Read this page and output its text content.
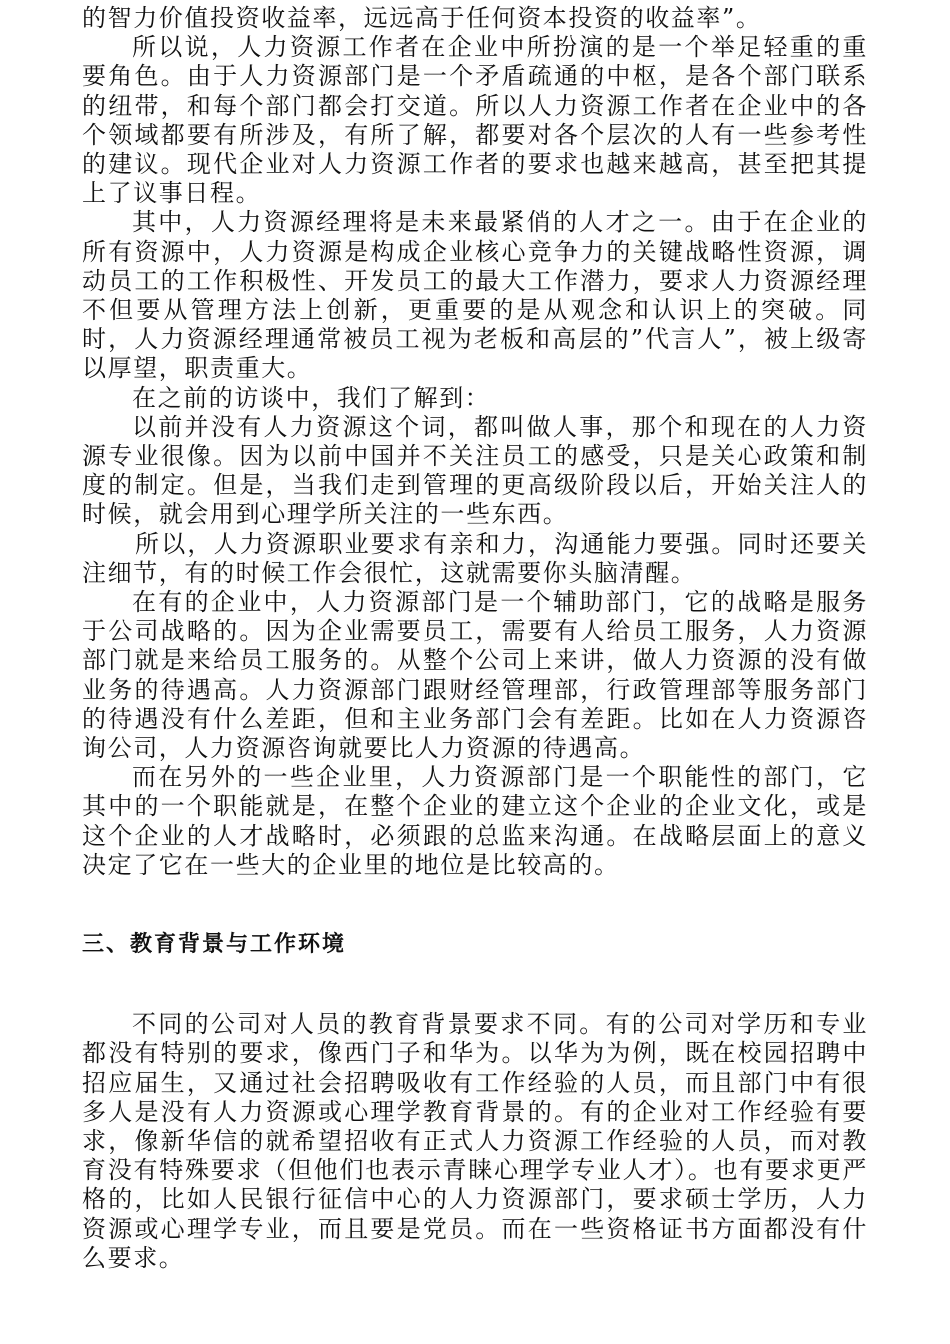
的智力价值投资收益率，远远高于任何资本投资的收益率”。

所以说，人力资源工作者在企业中所扮演的是一个举足轻重的重要角色。由于人力资源部门是一个矛盾疏通的中枢，是各个部门联系的纽带，和每个部门都会打交道。所以人力资源工作者在企业中的各个领域都要有所涉及，有所了解，都要对各个层次的人有一些参考性的建议。现代企业对人力资源工作者的要求也越来越高，甚至把其提上了议事日程。

其中，人力资源经理将是未来最紧俏的人才之一。由于在企业的所有资源中，人力资源是构成企业核心竞争力的关键战略性资源，调动员工的工作积极性、开发员工的最大工作潜力，要求人力资源经理不但要从管理方法上创新，更重要的是从观念和认识上的突破。同时，人力资源经理通常被员工视为老板和高层的”代言人”，被上级寄以厚望，职责重大。

在之前的访谈中，我们了解到：

以前并没有人力资源这个词，都叫做人事，那个和现在的人力资源专业很像。因为以前中国并不关注员工的感受，只是关心政策和制度的制定。但是，当我们走到管理的更高级阶段以后，开始关注人的时候，就会用到心理学所关注的一些东西。

所以，人力资源职业要求有亲和力，沟通能力要强。同时还要关注细节，有的时候工作会很忙，这就需要你头脑清醒。

在有的企业中，人力资源部门是一个辅助部门，它的战略是服务于公司战略的。因为企业需要员工，需要有人给员工服务，人力资源部门就是来给员工服务的。从整个公司上来讲，做人力资源的没有做业务的待遇高。人力资源部门跟财经管理部，行政管理部等服务部门的待遇没有什么差距，但和主业务部门会有差距。比如在人力资源咨询公司，人力资源咨询就要比人力资源的待遇高。

而在另外的一些企业里，人力资源部门是一个职能性的部门，它其中的一个职能就是，在整个企业的建立这个企业的企业文化，或是这个企业的人才战略时，必须跟的总监来沟通。在战略层面上的意义决定了它在一些大的企业里的地位是比较高的。

三、教育背景与工作环境

不同的公司对人员的教育背景要求不同。有的公司对学历和专业都没有特别的要求，像西门子和华为。以华为为例，既在校园招聘中招应届生，又通过社会招聘吸收有工作经验的人员，而且部门中有很多人是没有人力资源或心理学教育背景的。有的企业对工作经验有要求，像新华信的就希望招收有正式人力资源工作经验的人员，而对教育没有特殊要求（但他们也表示青睐心理学专业人才）。也有要求更严格的，比如人民银行征信中心的人力资源部门，要求硕士学历，人力资源或心理学专业，而且要是党员。而在一些资格证书方面都没有什么要求。
